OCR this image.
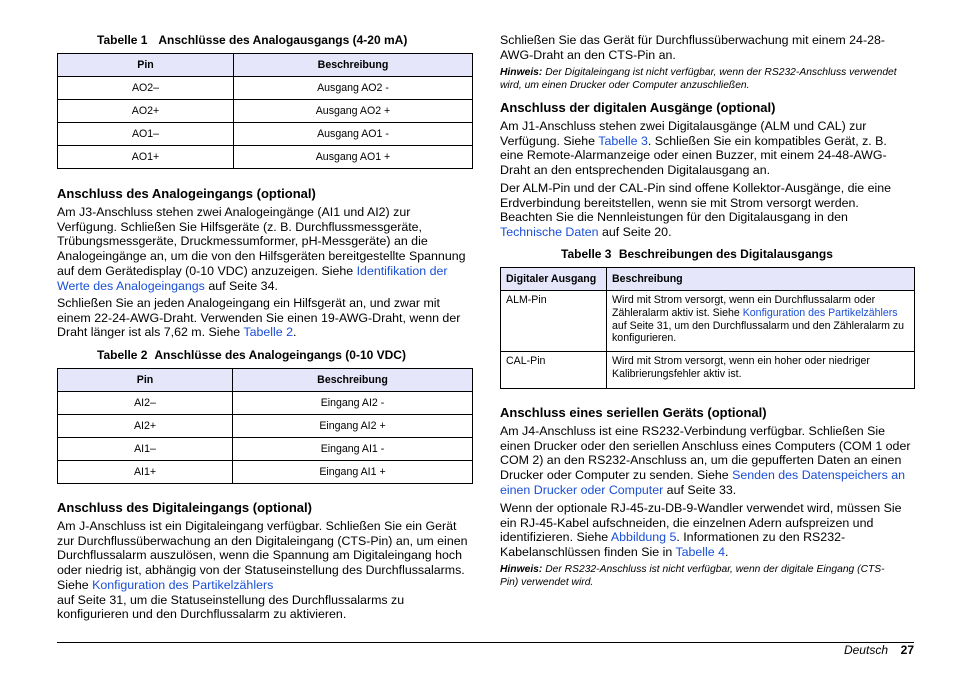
Tabelle 1 Anschlüsse des Analogausgangs (4-20 mA)
Pin	Beschreibung
AO2–	Ausgang AO2 -
AO2+	Ausgang AO2 +
AO1–	Ausgang AO1 -
AO1+	Ausgang AO1 +
Anschluss des Analogeingangs (optional)
Am J3-Anschluss stehen zwei Analogeingänge (AI1 und AI2) zur Verfügung. Schließen Sie Hilfsgeräte (z. B. Durchflussmessgeräte, Trübungsmessgeräte, Druckmessumformer, pH-Messgeräte) an die Analogeingänge an, um die von den Hilfsgeräten bereitgestellte Spannung auf dem Gerätedisplay (0-10 VDC) anzuzeigen. Siehe Identifikation der Werte des Analogeingangs auf Seite 34.
Schließen Sie an jeden Analogeingang ein Hilfsgerät an, und zwar mit einem 22-24-AWG-Draht. Verwenden Sie einen 19-AWG-Draht, wenn der Draht länger ist als 7,62 m. Siehe Tabelle 2.
Tabelle 2 Anschlüsse des Analogeingangs (0-10 VDC)
Pin	Beschreibung
AI2–	Eingang AI2 -
AI2+	Eingang AI2 +
AI1–	Eingang AI1 -
AI1+	Eingang AI1 +
Anschluss des Digitaleingangs (optional)
Am J-Anschluss ist ein Digitaleingang verfügbar. Schließen Sie ein Gerät zur Durchflussüberwachung an den Digitaleingang (CTS-Pin) an, um einen Durchflussalarm auszulösen, wenn die Spannung am Digitaleingang hoch oder niedrig ist, abhängig von der Statuseinstellung des Durchflussalarms. Siehe Konfiguration des Partikelzählers
auf Seite 31, um die Statuseinstellung des Durchflussalarms zu konfigurieren und den Durchflussalarm zu aktivieren.
Schließen Sie das Gerät für Durchflussüberwachung mit einem 24-28-AWG-Draht an den CTS-Pin an.
Hinweis: Der Digitaleingang ist nicht verfügbar, wenn der RS232-Anschluss verwendet wird, um einen Drucker oder Computer anzuschließen.
Anschluss der digitalen Ausgänge (optional)
Am J1-Anschluss stehen zwei Digitalausgänge (ALM und CAL) zur Verfügung. Siehe Tabelle 3. Schließen Sie ein kompatibles Gerät, z. B. eine Remote-Alarmanzeige oder einen Buzzer, mit einem 24-48-AWG-Draht an den entsprechenden Digitalausgang an.
Der ALM-Pin und der CAL-Pin sind offene Kollektor-Ausgänge, die eine Erdverbindung bereitstellen, wenn sie mit Strom versorgt werden. Beachten Sie die Nennleistungen für den Digitalausgang in den Technische Daten auf Seite 20.
Tabelle 3 Beschreibungen des Digitalausgangs
Digitaler Ausgang	Beschreibung
ALM-Pin	Wird mit Strom versorgt, wenn ein Durchflussalarm oder Zähleralarm aktiv ist. Siehe Konfiguration des Partikelzählers auf Seite 31, um den Durchflussalarm und den Zähleralarm zu konfigurieren.
CAL-Pin	Wird mit Strom versorgt, wenn ein hoher oder niedriger Kalibrierungsfehler aktiv ist.
Anschluss eines seriellen Geräts (optional)
Am J4-Anschluss ist eine RS232-Verbindung verfügbar. Schließen Sie einen Drucker oder den seriellen Anschluss eines Computers (COM 1 oder COM 2) an den RS232-Anschluss an, um die gepufferten Daten an einen Drucker oder Computer zu senden. Siehe Senden des Datenspeichers an einen Drucker oder Computer auf Seite 33.
Wenn der optionale RJ-45-zu-DB-9-Wandler verwendet wird, müssen Sie ein RJ-45-Kabel aufschneiden, die einzelnen Adern aufspreizen und identifizieren. Siehe Abbildung 5. Informationen zu den RS232-Kabelanschlüssen finden Sie in Tabelle 4.
Hinweis: Der RS232-Anschluss ist nicht verfügbar, wenn der digitale Eingang (CTS-Pin) verwendet wird.
Deutsch 27
